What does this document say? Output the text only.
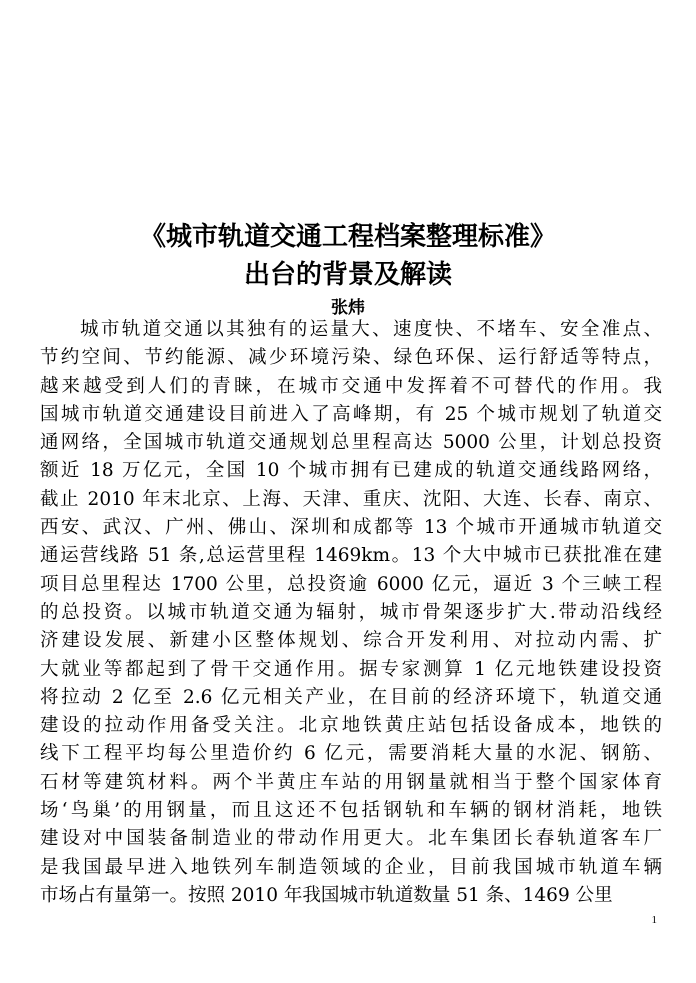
《城市轨道交通工程档案整理标准》
出台的背景及解读
张炜
城市轨道交通以其独有的运量大、速度快、不堵车、安全准点、
节约空间、节约能源、减少环境污染、绿色环保、运行舒适等特点，
越来越受到人们的青睐，在城市交通中发挥着不可替代的作用。我
国城市轨道交通建设目前进入了高峰期，有 25 个城市规划了轨道交
通网络，全国城市轨道交通规划总里程高达 5000 公里，计划总投资
额近 18 万亿元，全国 10 个城市拥有已建成的轨道交通线路网络，
截止 2010 年末北京、上海、天津、重庆、沈阳、大连、长春、南京、
西安、武汉、广州、佛山、深圳和成都等 13 个城市开通城市轨道交
通运营线路 51 条,总运营里程 1469km。13 个大中城市已获批准在建
项目总里程达 1700 公里，总投资逾 6000 亿元，逼近 3 个三峡工程
的总投资。以城市轨道交通为辐射，城市骨架逐步扩大.带动沿线经
济建设发展、新建小区整体规划、综合开发利用、对拉动内需、扩
大就业等都起到了骨干交通作用。据专家测算 1 亿元地铁建设投资
将拉动 2 亿至 2.6 亿元相关产业，在目前的经济环境下，轨道交通
建设的拉动作用备受关注。北京地铁黄庄站包括设备成本，地铁的
线下工程平均每公里造价约 6 亿元，需要消耗大量的水泥、钢筋、
石材等建筑材料。两个半黄庄车站的用钢量就相当于整个国家体育
场‘鸟巢’的用钢量，而且这还不包括钢轨和车辆的钢材消耗，地铁
建设对中国装备制造业的带动作用更大。北车集团长春轨道客车厂
是我国最早进入地铁列车制造领域的企业，目前我国城市轨道车辆
市场占有量第一。按照 2010 年我国城市轨道数量 51 条、1469 公里
1
